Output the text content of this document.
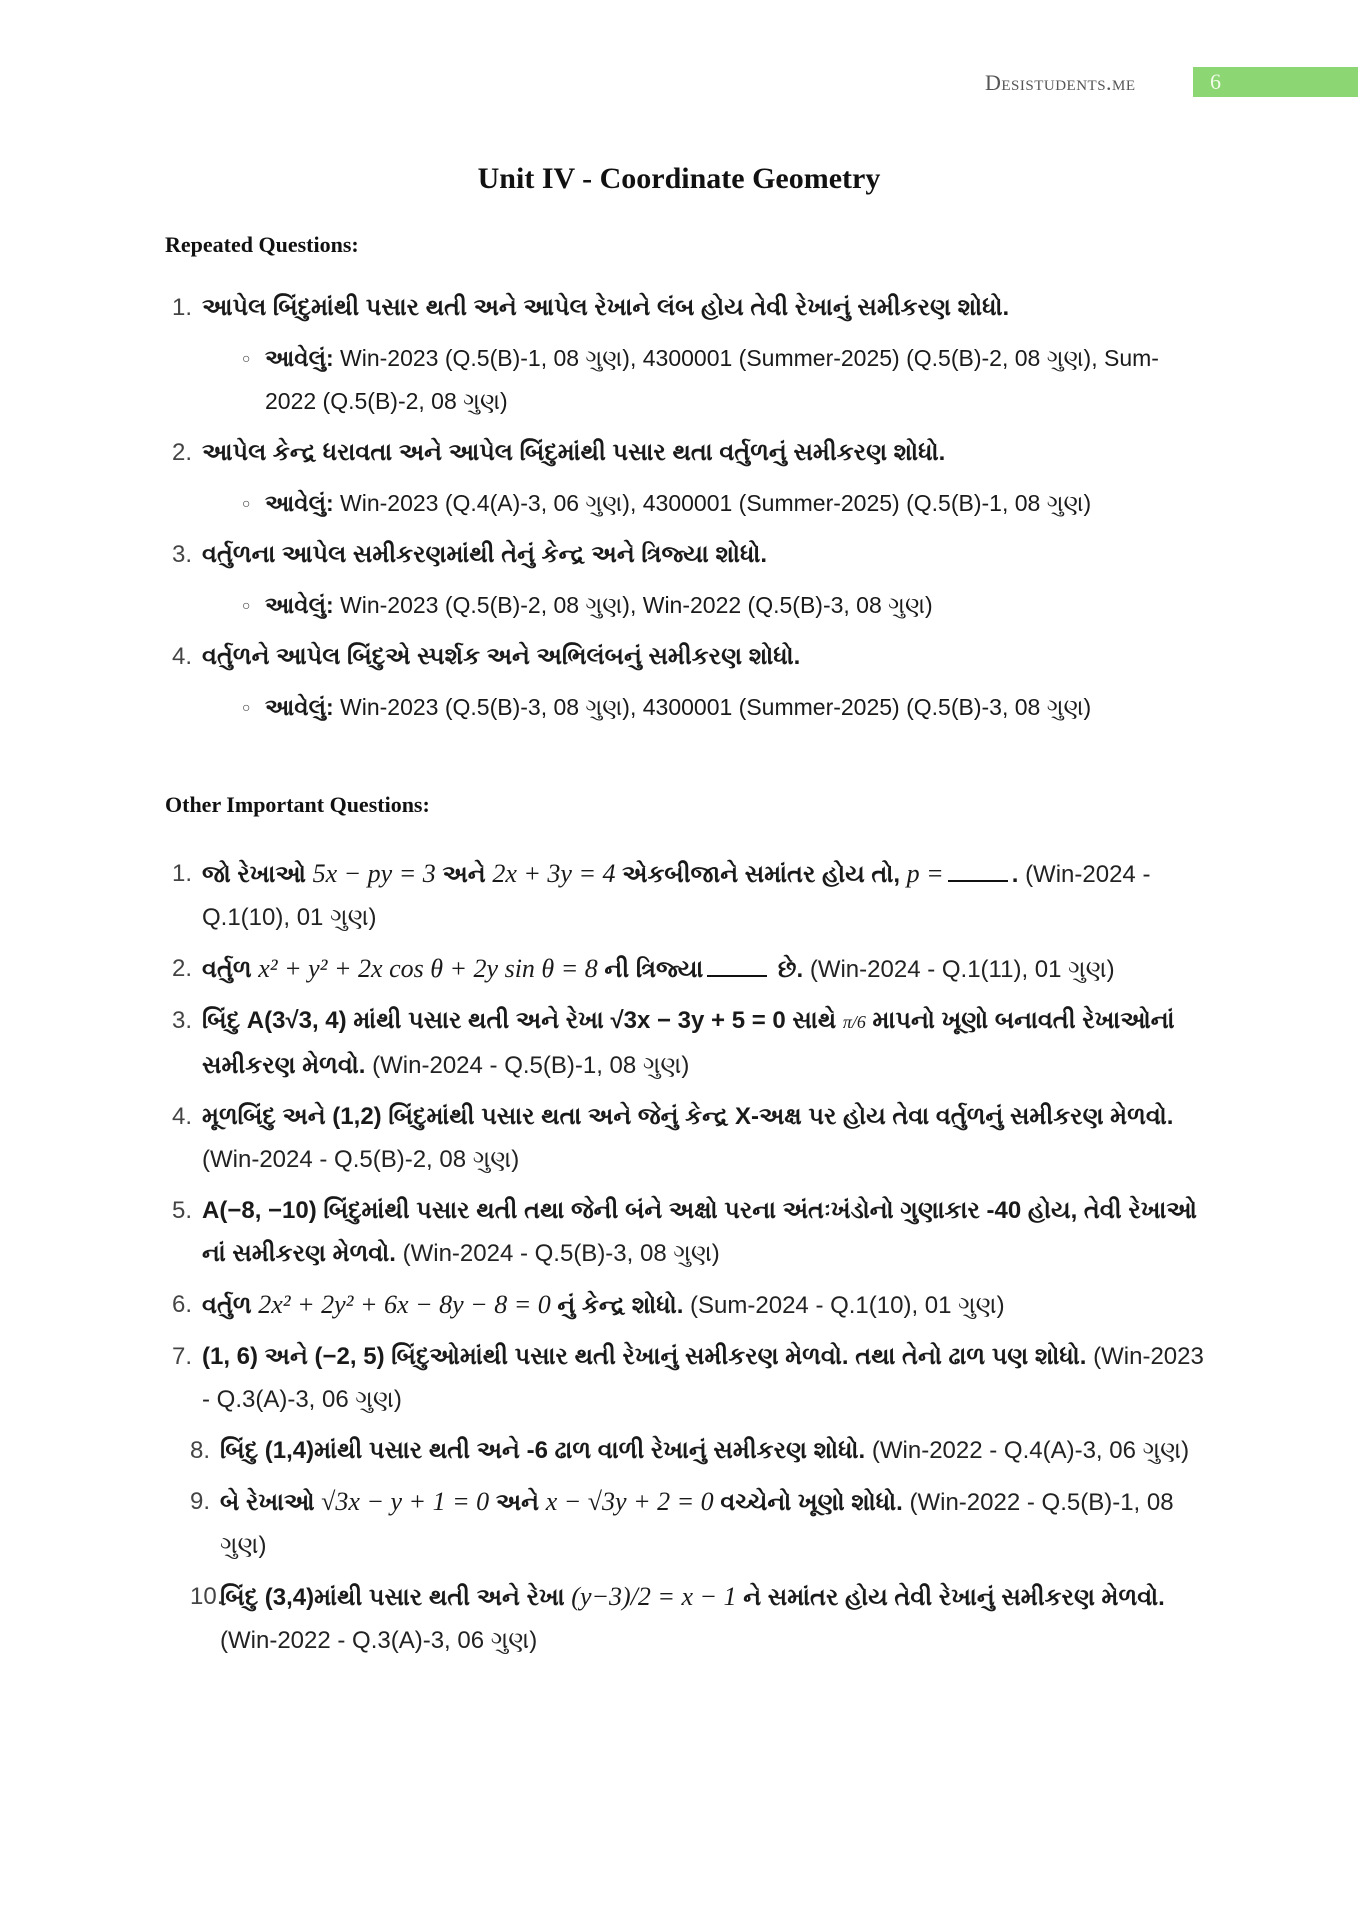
Desistudents.me	6
Unit IV - Coordinate Geometry
Repeated Questions:
1. આપેલ બિંદુમાંથી પસાર થતી અને આપેલ રેખાને લંબ હોય તેવી રેખાનું સમીકરણ શોધો.
○ આવેલું: Win-2023 (Q.5(B)-1, 08 ગુણ), 4300001 (Summer-2025) (Q.5(B)-2, 08 ગુણ), Sum-2022 (Q.5(B)-2, 08 ગુણ)
2. આપેલ કેન્દ્ર ધરાવતા અને આપેલ બિંદુમાંથી પસાર થતા વર્તુળનું સમીકરણ શોધો.
○ આવેલું: Win-2023 (Q.4(A)-3, 06 ગુણ), 4300001 (Summer-2025) (Q.5(B)-1, 08 ગુણ)
3. વર્તુળના આપેલ સમીકરણમાંથી તેનું કેન્દ્ર અને ત્રિજ્યા શોધો.
○ આવેલું: Win-2023 (Q.5(B)-2, 08 ગુણ), Win-2022 (Q.5(B)-3, 08 ગુણ)
4. વર્તુળને આપેલ બિંદુએ સ્પર્શક અને અભિલંબનું સમીકરણ શોધો.
○ આવેલું: Win-2023 (Q.5(B)-3, 08 ગુણ), 4300001 (Summer-2025) (Q.5(B)-3, 08 ગુણ)
Other Important Questions:
1. જો રેખાઓ 5x − py = 3 અને 2x + 3y = 4 એકબીજાને સમાંતર હોય તો, p =	. (Win-2024 - Q.1(10), 01 ગુણ)
2. વર્તુળ x² + y² + 2x cos θ + 2y sin θ = 8 ની ત્રિજ્યા	છે. (Win-2024 - Q.1(11), 01 ગુણ)
3. બિંદુ A(3√3, 4) માંથી પસાર થતી અને રેખા √3x − 3y + 5 = 0 સાથે π/6 માપનો ખૂણો બનાવતી રેખાઓનાં સમીકરણ મેળવો. (Win-2024 - Q.5(B)-1, 08 ગુણ)
4. મૂળબિંદુ અને (1,2) બિંદુમાંથી પસાર થતા અને જેનું કેન્દ્ર X-અક્ષ પર હોય તેવા વર્તુળનું સમીકરણ મેળવો. (Win-2024 - Q.5(B)-2, 08 ગુણ)
5. A(−8, −10) બિંદુમાંથી પસાર થતી તથા જેની બંને અક્ષો પરના અંતઃખંડોનો ગુણાકાર -40 હોય, તેવી રેખાઓ નાં સમીકરણ મેળવો. (Win-2024 - Q.5(B)-3, 08 ગુણ)
6. વર્તુળ 2x² + 2y² + 6x − 8y − 8 = 0 નું કેન્દ્ર શોધો. (Sum-2024 - Q.1(10), 01 ગુણ)
7. (1, 6) અને (−2, 5) બિંદુઓમાંથી પસાર થતી રેખાનું સમીકરણ મેળવો. તથા તેનો ઢાળ પણ શોધો. (Win-2023 - Q.3(A)-3, 06 ગુણ)
8. બિંદુ (1,4)માંથી પસાર થતી અને -6 ઢાળ વાળી રેખાનું સમીકરણ શોધો. (Win-2022 - Q.4(A)-3, 06 ગુણ)
9. બે રેખાઓ √3x − y + 1 = 0 અને x − √3y + 2 = 0 વચ્ચેનો ખૂણો શોધો. (Win-2022 - Q.5(B)-1, 08 ગુણ)
10.
બિંદુ (3,4)માંથી પસાર થતી અને રેખા (y−3)/2 = x − 1 ને સમાંતર હોય તેવી રેખાનું સમીકરણ મેળવો. (Win-2022 - Q.3(A)-3, 06 ગુણ)
